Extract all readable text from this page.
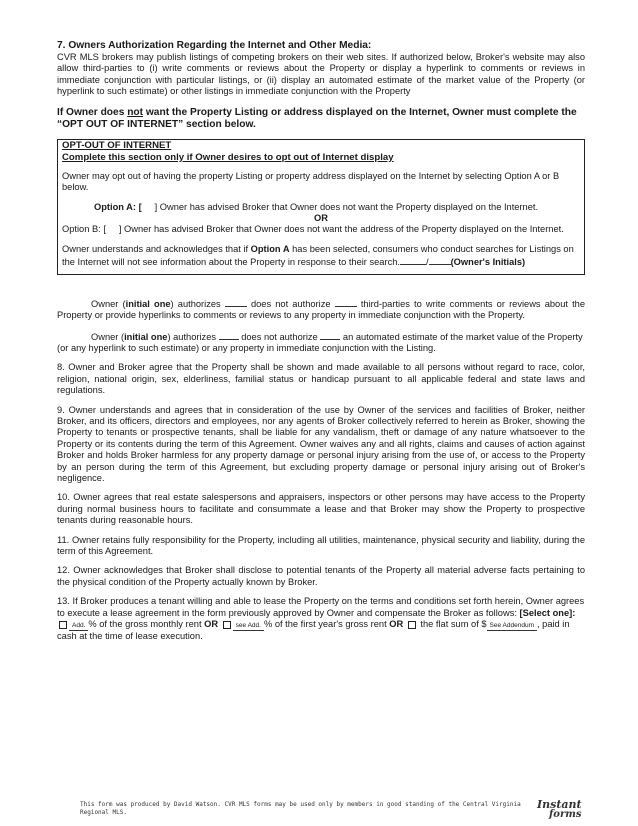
7. Owners Authorization Regarding the Internet and Other Media:

CVR MLS brokers may publish listings of competing brokers on their web sites. If authorized below, Broker's website may also allow third-parties to (i) write comments or reviews about the Property or display a hyperlink to comments or reviews in immediate conjunction with particular listings, or (ii) display an automated estimate of the market value of the Property (or hyperlink to such estimate) or other listings in immediate conjunction with the Property

If Owner does not want the Property Listing or address displayed on the Internet, Owner must complete the “OPT OUT OF INTERNET” section below.

OPT-OUT OF INTERNET

Complete this section only if Owner desires to opt out of Internet display

Owner may opt out of having the property Listing or property address displayed on the Internet by selecting Option A or B below.

Option A: [ ] Owner has advised Broker that Owner does not want the Property displayed on the Internet.

OR

Option B: [ ] Owner has advised Broker that Owner does not want the address of the Property displayed on the Internet.

Owner understands and acknowledges that if Option A has been selected, consumers who conduct searches for Listings on the Internet will not see information about the Property in response to their search.	/ (Owner's Initials)

Owner (initial one) authorizes	does not authorize	third-parties to write comments or reviews about the Property or provide hyperlinks to comments or reviews to any property in immediate conjunction with the Property.

Owner (initial one) authorizes	does not authorize	an automated estimate of the market value of the Property (or any hyperlink to such estimate) or any property in immediate conjunction with the Listing.

8. Owner and Broker agree that the Property shall be shown and made available to all persons without regard to race, color, religion, national origin, sex, elderliness, familial status or handicap pursuant to all applicable federal and state laws and regulations.

9. Owner understands and agrees that in consideration of the use by Owner of the services and facilities of Broker, neither Broker, and its officers, directors and employees, nor any agents of Broker collectively referred to herein as Broker, showing the Property to tenants or prospective tenants, shall be liable for any vandalism, theft or damage of any nature whatsoever to the Property or its contents during the term of this Agreement. Owner waives any and all rights, claims and causes of action against Broker and holds Broker harmless for any property damage or personal injury arising from the use of, or access to the Property by an person during the term of this Agreement, but excluding property damage or personal injury arising out of Broker's negligence.

10. Owner agrees that real estate salespersons and appraisers, inspectors or other persons may have access to the Property during normal business hours to facilitate and consummate a lease and that Broker may show the Property to prospective tenants during reasonable hours.

11. Owner retains fully responsibility for the Property, including all utilities, maintenance, physical security and liability, during the term of this Agreement.

12. Owner acknowledges that Broker shall disclose to potential tenants of the Property all material adverse facts pertaining to the physical condition of the Property actually known by Broker.

13. If Broker produces a tenant willing and able to lease the Property on the terms and conditions set forth herein, Owner agrees to execute a lease agreement in the form previously approved by Owner and compensate the Broker as follows: [Select one]: Add. % of the gross monthly rent OR	see Add. % of the first year's gross rent OR  the flat sum of $ See Addendum , paid in cash at the time of lease execution.

This form was produced by David Watson. CVR MLS forms may be used only by members in good standing of the Central Virginia Regional MLS.
Instant
forms
